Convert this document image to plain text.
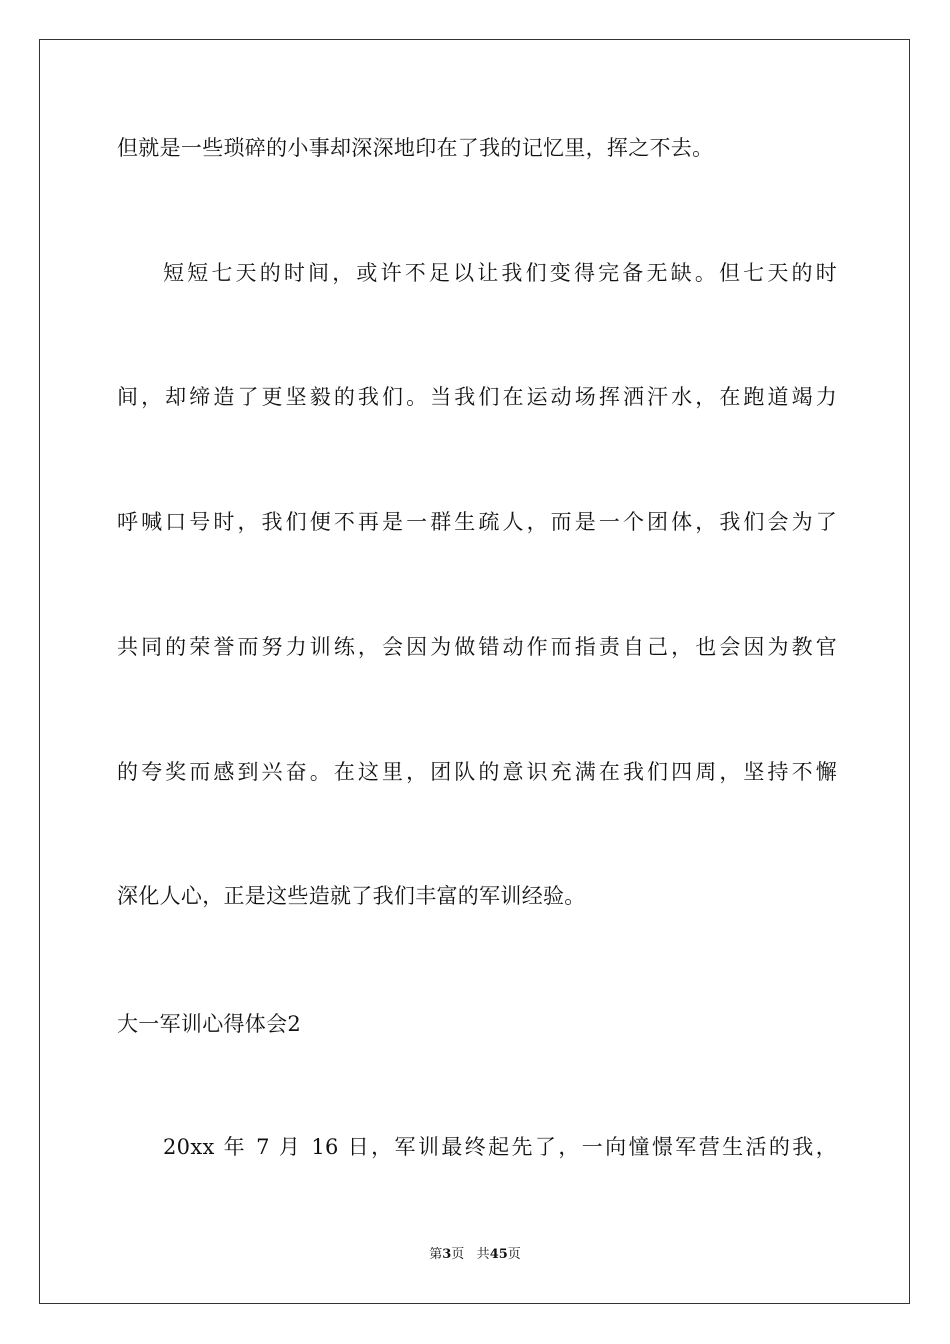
但就是一些琐碎的小事却深深地印在了我的记忆里，挥之不去。
短短七天的时间，或许不足以让我们变得完备无缺。但七天的时
间，却缔造了更坚毅的我们。当我们在运动场挥洒汗水，在跑道竭力
呼喊口号时，我们便不再是一群生疏人，而是一个团体，我们会为了
共同的荣誉而努力训练，会因为做错动作而指责自己，也会因为教官
的夸奖而感到兴奋。在这里，团队的意识充满在我们四周，坚持不懈
深化人心，正是这些造就了我们丰富的军训经验。
大一军训心得体会2
20xx 年 7 月 16 日，军训最终起先了，一向憧憬军营生活的我，
第3页 共45页
